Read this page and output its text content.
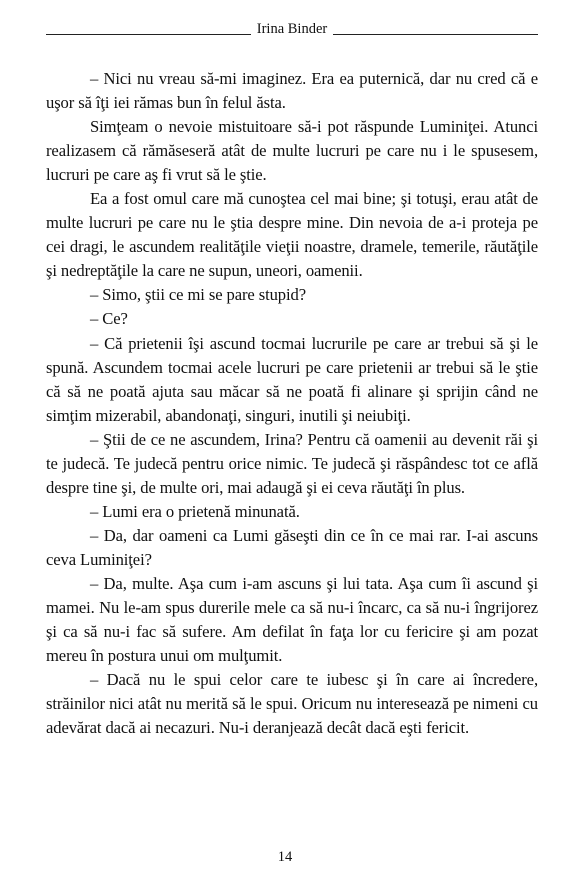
Irina Binder

– Nici nu vreau să-mi imaginez. Era ea puternică, dar nu cred că e uşor să îţi iei rămas bun în felul ăsta.

Simţeam o nevoie mistuitoare să-i pot răspunde Luminiţei. Atunci realizasem că rămăseseră atât de multe lucruri pe care nu i le spusesem, lucruri pe care aş fi vrut să le ştie.

Ea a fost omul care mă cunoştea cel mai bine; şi totuşi, erau atât de multe lucruri pe care nu le ştia despre mine. Din nevoia de a-i proteja pe cei dragi, le ascundem realităţile vieţii noastre, dramele, temerile, răutăţile şi nedreptăţile la care ne supun, uneori, oamenii.

– Simo, ştii ce mi se pare stupid?

– Ce?

– Că prietenii îşi ascund tocmai lucrurile pe care ar trebui să şi le spună. Ascundem tocmai acele lucruri pe care prietenii ar trebui să le ştie că să ne poată ajuta sau măcar să ne poată fi alinare şi sprijin când ne simţim mizerabil, abandonaţi, singuri, inutili şi neiubiţi.

– Ştii de ce ne ascundem, Irina? Pentru că oamenii au devenit răi şi te judecă. Te judecă pentru orice nimic. Te judecă şi răspândesc tot ce află despre tine şi, de multe ori, mai adaugă şi ei ceva răutăţi în plus.

– Lumi era o prietenă minunată.

– Da, dar oameni ca Lumi găseşti din ce în ce mai rar. I-ai ascuns ceva Luminiţei?

– Da, multe. Aşa cum i-am ascuns şi lui tata. Aşa cum îi ascund şi mamei. Nu le-am spus durerile mele ca să nu-i încarc, ca să nu-i îngrijorez şi ca să nu-i fac să sufere. Am defilat în faţa lor cu fericire şi am pozat mereu în postura unui om mulţumit.

– Dacă nu le spui celor care te iubesc şi în care ai încredere, străinilor nici atât nu merită să le spui. Oricum nu interesează pe nimeni cu adevărat dacă ai necazuri. Nu-i deranjează decât dacă eşti fericit.

14
